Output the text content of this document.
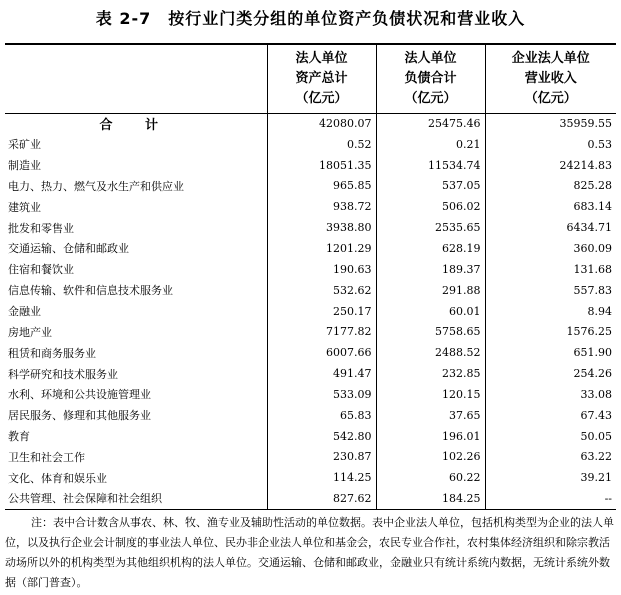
表 2-7　按行业门类分组的单位资产负债状况和营业收入

	法人单位
资产总计
（亿元）	法人单位
负债合计
（亿元）	企业法人单位
营业收入
（亿元）

合 计	42080.07	25475.46	35959.55
采矿业	0.52	0.21	0.53
制造业	18051.35	11534.74	24214.83
电力、热力、燃气及水生产和供应业	965.85	537.05	825.28
建筑业	938.72	506.02	683.14
批发和零售业	3938.80	2535.65	6434.71
交通运输、仓储和邮政业	1201.29	628.19	360.09
住宿和餐饮业	190.63	189.37	131.68
信息传输、软件和信息技术服务业	532.62	291.88	557.83
金融业	250.17	60.01	8.94
房地产业	7177.82	5758.65	1576.25
租赁和商务服务业	6007.66	2488.52	651.90
科学研究和技术服务业	491.47	232.85	254.26
水利、环境和公共设施管理业	533.09	120.15	33.08
居民服务、修理和其他服务业	65.83	37.65	67.43
教育	542.80	196.01	50.05
卫生和社会工作	230.87	102.26	63.22
文化、体育和娱乐业	114.25	60.22	39.21
公共管理、社会保障和社会组织	827.62	184.25	--
注：表中合计数含从事农、林、牧、渔专业及辅助性活动的单位数据。表中企业法人单位，包括机构类型为企业的法人单位，以及执行企业会计制度的事业法人单位、民办非企业法人单位和基金会，农民专业合作社，农村集体经济组织和除宗教活动场所以外的机构类型为其他组织机构的法人单位。交通运输、仓储和邮政业，金融业只有统计系统内数据，无统计系统外数据（部门普查）。
